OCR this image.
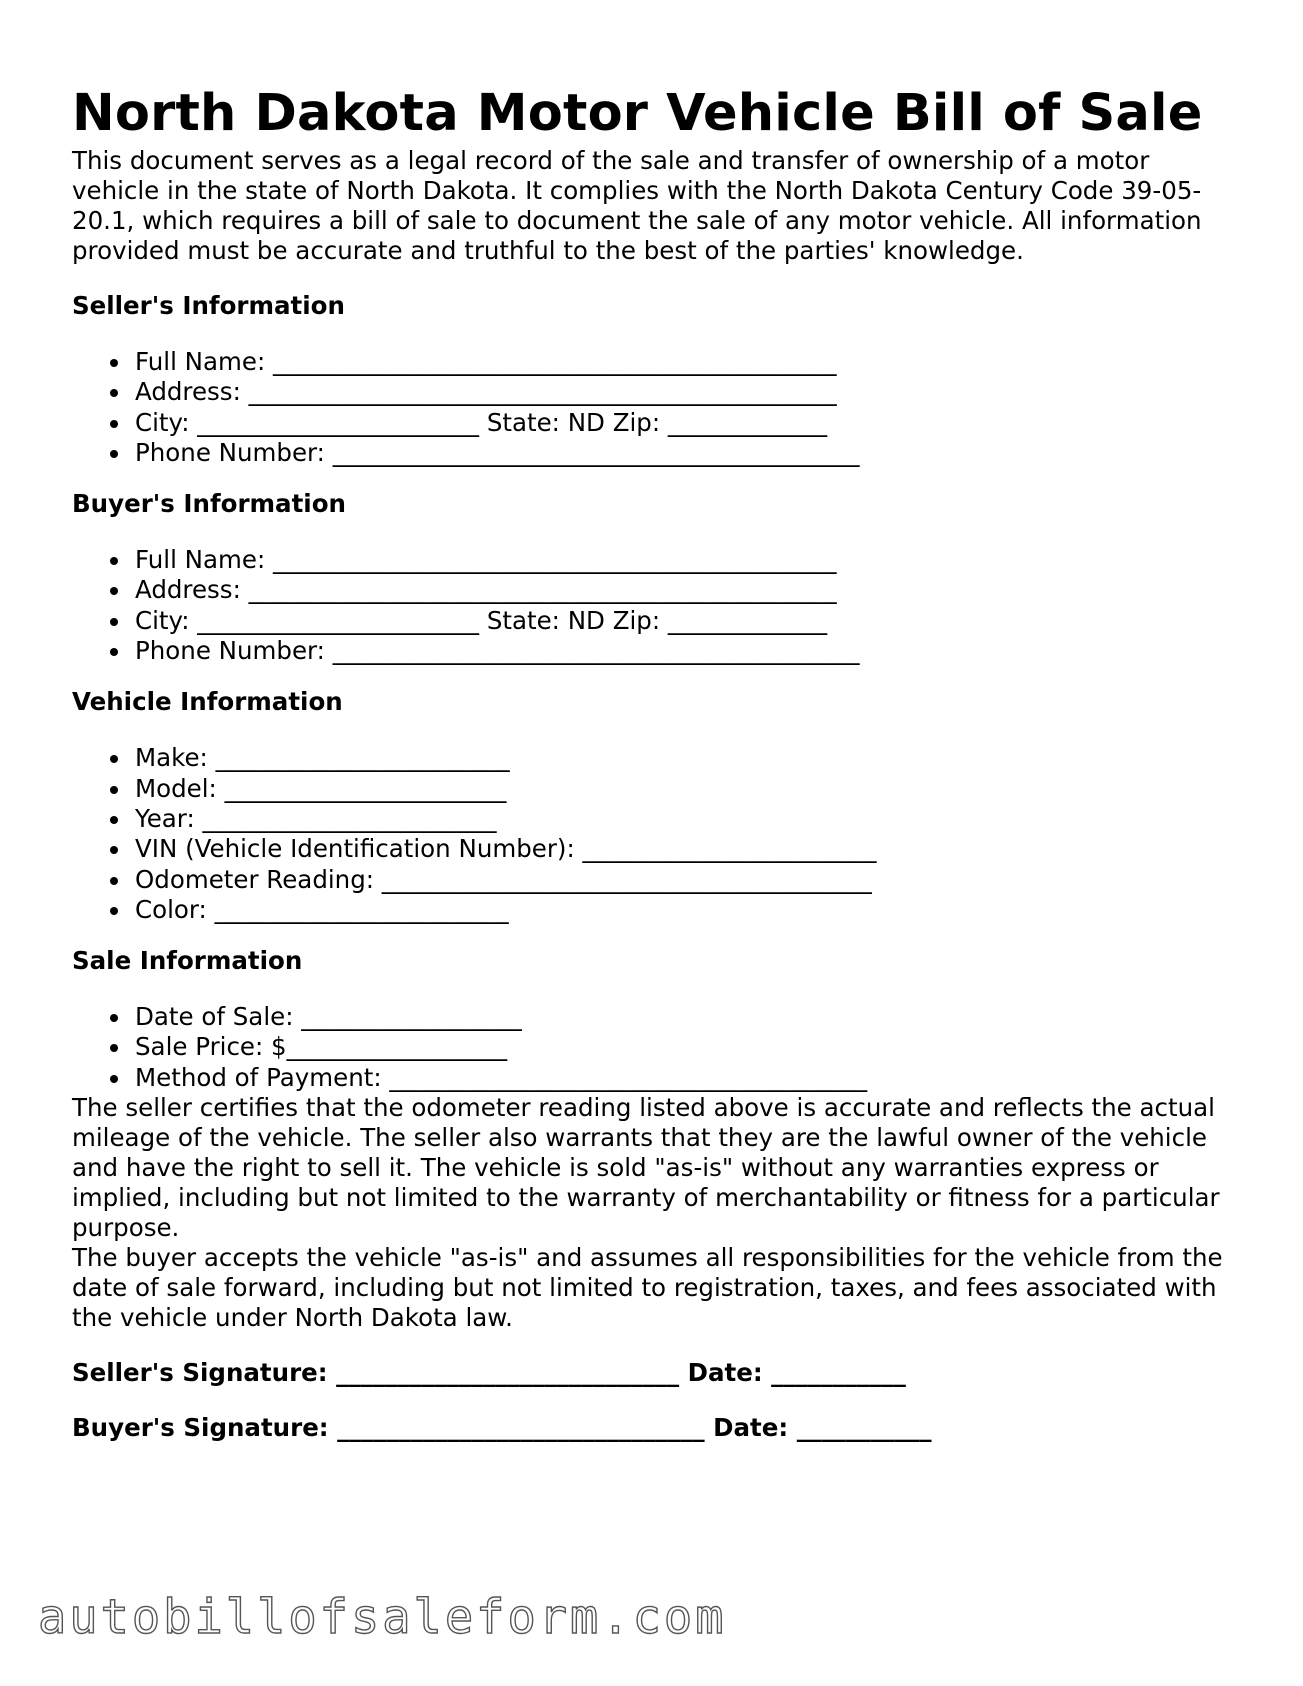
North Dakota Motor Vehicle Bill of Sale

This document serves as a legal record of the sale and transfer of ownership of a motor vehicle in the state of North Dakota. It complies with the North Dakota Century Code 39-05-20.1, which requires a bill of sale to document the sale of any motor vehicle. All information provided must be accurate and truthful to the best of the parties' knowledge.

Seller's Information
Full Name: ______________________________________________
Address: ________________________________________________
City: _______________________ State: ND Zip: _____________
Phone Number: ___________________________________________
Buyer's Information
Full Name: ______________________________________________
Address: ________________________________________________
City: _______________________ State: ND Zip: _____________
Phone Number: ___________________________________________
Vehicle Information
Make: ________________________
Model: _______________________
Year: ________________________
VIN (Vehicle Identification Number): ________________________
Odometer Reading: ________________________________________
Color: ________________________
Sale Information
Date of Sale: __________________
Sale Price: $__________________
Method of Payment: _______________________________________

The seller certifies that the odometer reading listed above is accurate and reflects the actual mileage of the vehicle. The seller also warrants that they are the lawful owner of the vehicle and have the right to sell it. The vehicle is sold "as-is" without any warranties express or implied, including but not limited to the warranty of merchantability or fitness for a particular purpose.

The buyer accepts the vehicle "as-is" and assumes all responsibilities for the vehicle from the date of sale forward, including but not limited to registration, taxes, and fees associated with the vehicle under North Dakota law.

Seller's Signature: ____________________________ Date: ___________

Buyer's Signature: ______________________________ Date: ___________

autobillofsaleform.com
